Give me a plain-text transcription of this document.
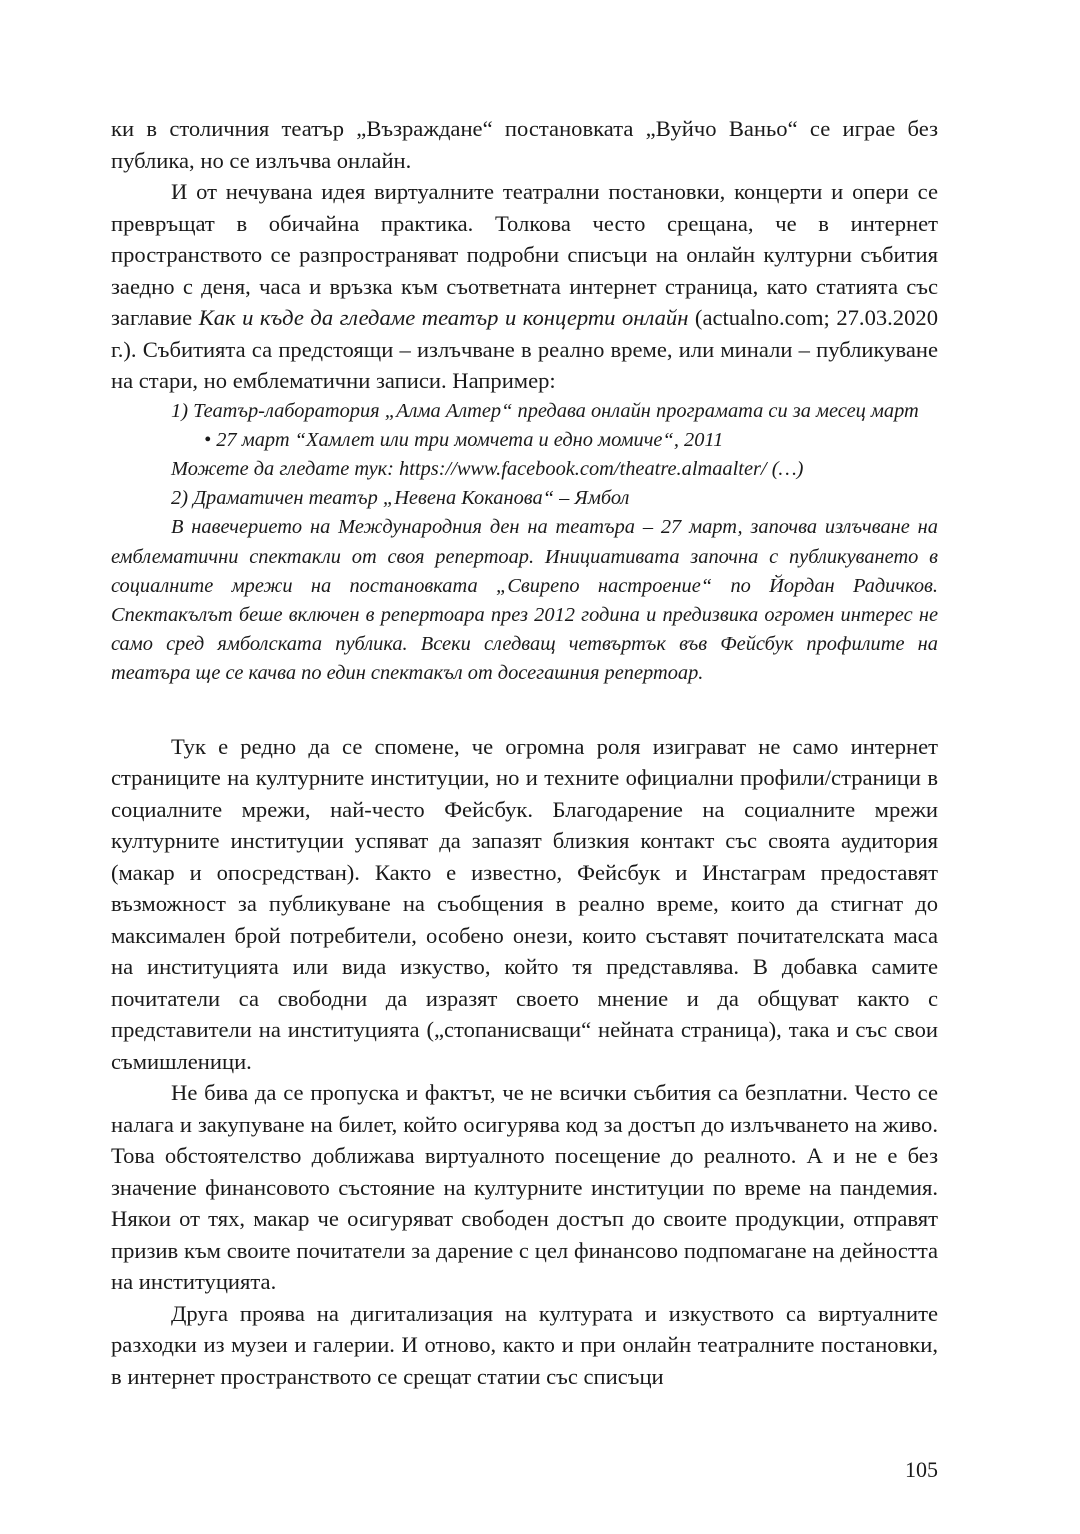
ки в столичния театър „Възраждане“ постановката „Вуйчо Ваньо“ се играе без публика, но се излъчва онлайн.

И от нечувана идея виртуалните театрални постановки, концерти и опери се превръщат в обичайна практика. Толкова често срещана, че в интернет пространството се разпространяват подробни списъци на онлайн културни събития заедно с деня, часа и връзка към съответната интернет страница, като статията със заглавие Как и къде да гледаме театър и концерти онлайн (actualno.com; 27.03.2020 г.). Събитията са предстоящи – излъчване в реално време, или минали – публикуване на стари, но емблематични записи. Например:

1) Театър-лаборатория „Алма Алтер“ предава онлайн програмата си за месец март

• 27 март “Хамлет или три момчета и едно момиче“, 2011

Можете да гледате тук: https://www.facebook.com/theatre.almaalter/ (…)

2) Драматичен театър „Невена Коканова“ – Ямбол

В навечерието на Международния ден на театъра – 27 март, започва излъчване на емблематични спектакли от своя репертоар. Инициативата започна с публикуването в социалните мрежи на постановката „Свирепо настроение“ по Йордан Радичков. Спектакълът беше включен в репертоара през 2012 година и предизвика огромен интерес не само сред ямболската публика. Всеки следващ четвъртък във Фейсбук профилите на театъра ще се качва по един спектакъл от досегашния репертоар.

Тук е редно да се спомене, че огромна роля изиграват не само интернет страниците на културните институции, но и техните официални профили/страници в социалните мрежи, най-често Фейсбук. Благодарение на социалните мрежи културните институции успяват да запазят близкия контакт със своята аудитория (макар и опосредстван). Както е известно, Фейсбук и Инстаграм предоставят възможност за публикуване на съобщения в реално време, които да стигнат до максимален брой потребители, особено онези, които съставят почитателската маса на институцията или вида изкуство, който тя представлява. В добавка самите почитатели са свободни да изразят своето мнение и да общуват както с представители на институцията („стопанисващи“ нейната страница), така и със свои съмишленици.

Не бива да се пропуска и фактът, че не всички събития са безплатни. Често се налага и закупуване на билет, който осигурява код за достъп до излъчването на живо. Това обстоятелство доближава виртуалното посещение до реалното. А и не е без значение финансовото състояние на културните институции по време на пандемия. Някои от тях, макар че осигуряват свободен достъп до своите продукции, отправят призив към своите почитатели за дарение с цел финансово подпомагане на дейността на институцията.

Друга проява на дигитализация на културата и изкуството са виртуалните разходки из музеи и галерии. И отново, както и при онлайн театралните постановки, в интернет пространството се срещат статии със списъци

105
